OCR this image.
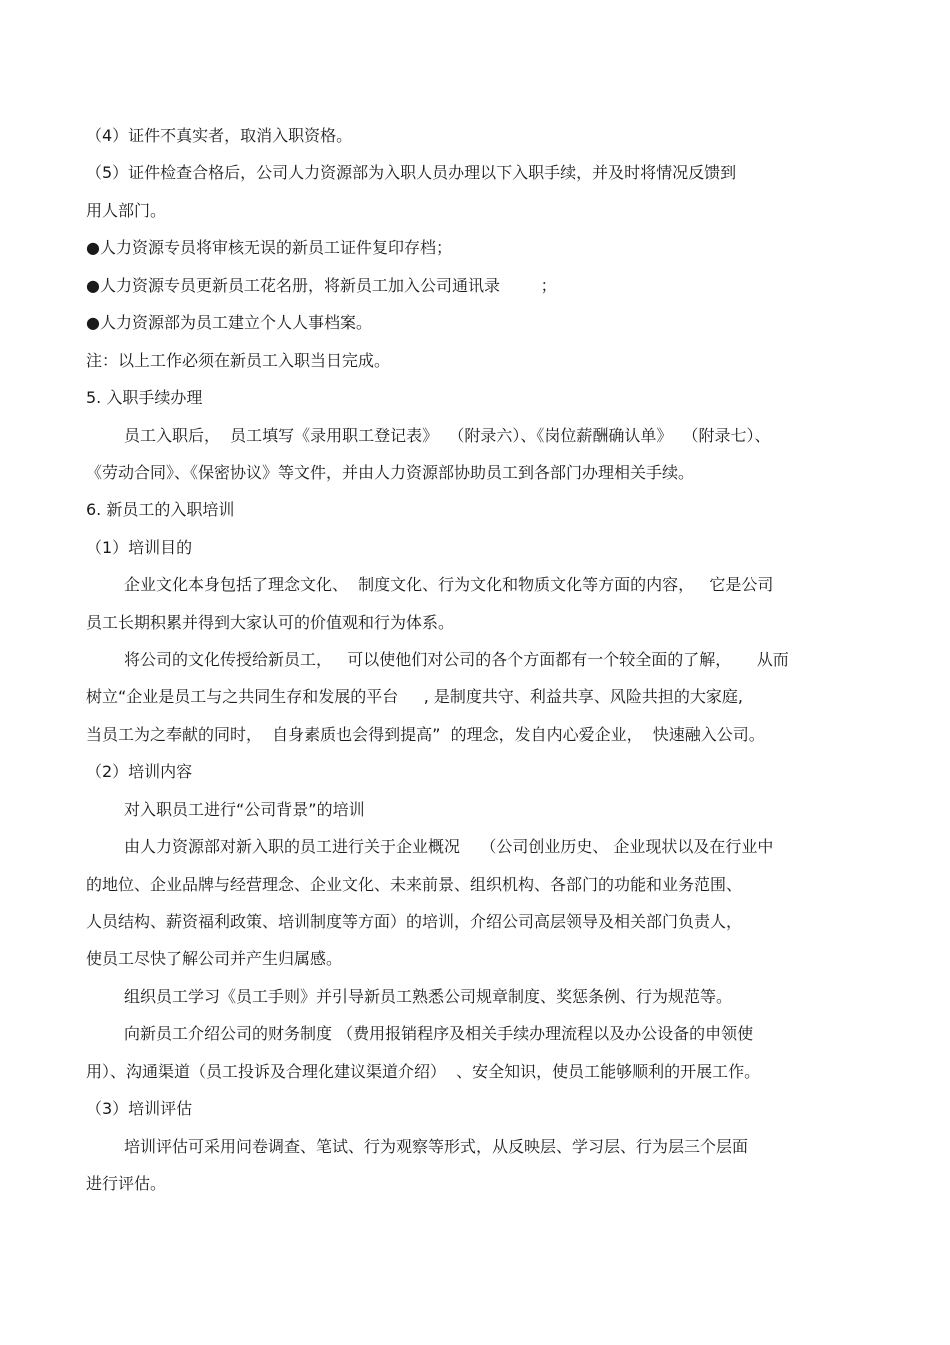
（4）证件不真实者，取消入职资格。
（5）证件检查合格后，公司人力资源部为入职人员办理以下入职手续，并及时将情况反馈到
用人部门。
●人力资源专员将审核无误的新员工证件复印存档；
●人力资源专员更新员工花名册，将新员工加入公司通讯录        ；
●人力资源部为员工建立个人人事档案。
注：以上工作必须在新员工入职当日完成。
5. 入职手续办理
员工入职后，  员工填写《录用职工登记表》  （附录六）、《岗位薪酬确认单》  （附录七）、
《劳动合同》、《保密协议》等文件，并由人力资源部协助员工到各部门办理相关手续。
6. 新员工的入职培训
（1）培训目的
企业文化本身包括了理念文化、  制度文化、行为文化和物质文化等方面的内容，   它是公司
员工长期积累并得到大家认可的价值观和行为体系。
将公司的文化传授给新员工，   可以使他们对公司的各个方面都有一个较全面的了解，     从而
树立“企业是员工与之共同生存和发展的平台     , 是制度共守、利益共享、风险共担的大家庭,
当员工为之奉献的同时，  自身素质也会得到提高”  的理念，发自内心爱企业，  快速融入公司。
（2）培训内容
对入职员工进行“公司背景”的培训
由人力资源部对新入职的员工进行关于企业概况    （公司创业历史、 企业现状以及在行业中
的地位、企业品牌与经营理念、企业文化、未来前景、组织机构、各部门的功能和业务范围、
人员结构、薪资福利政策、培训制度等方面）的培训，介绍公司高层领导及相关部门负责人，
使员工尽快了解公司并产生归属感。
组织员工学习《员工手则》并引导新员工熟悉公司规章制度、奖惩条例、行为规范等。
向新员工介绍公司的财务制度 （费用报销程序及相关手续办理流程以及办公设备的申领使
用）、沟通渠道（员工投诉及合理化建议渠道介绍）  、安全知识，使员工能够顺利的开展工作。
（3）培训评估
培训评估可采用问卷调查、笔试、行为观察等形式，从反映层、学习层、行为层三个层面
进行评估。
